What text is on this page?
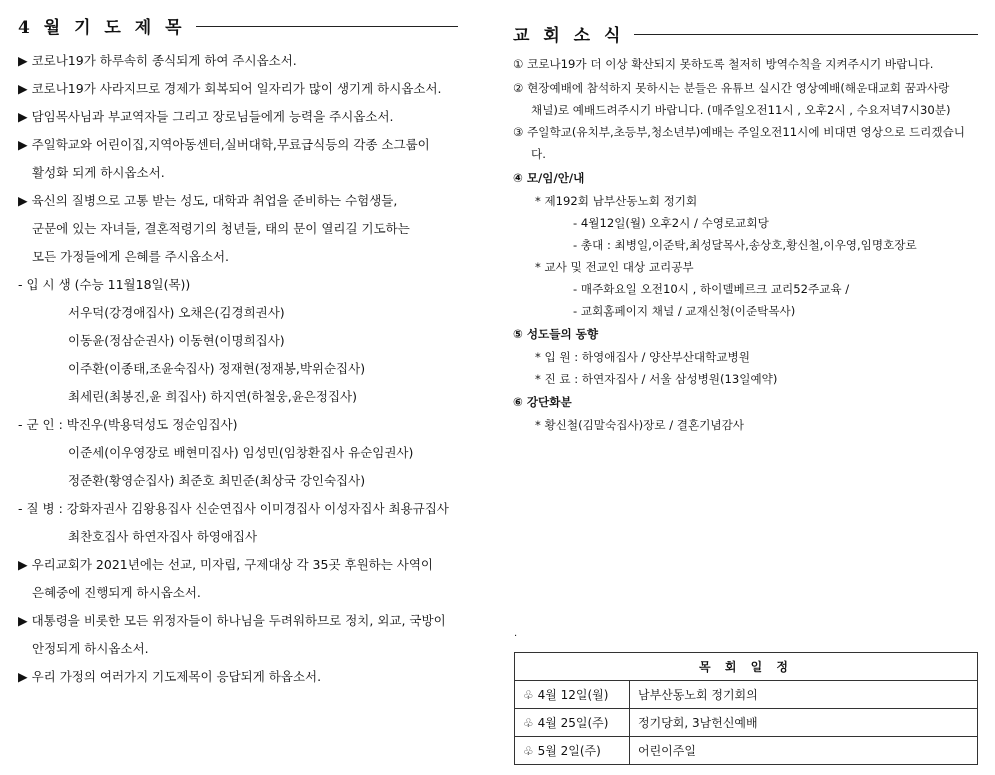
4 월 기 도 제 목
▶ 코로나19가 하루속히 종식되게 하여 주시옵소서.
▶ 코로나19가 사라지므로 경제가 회복되어 일자리가 많이 생기게 하시옵소서.
▶ 담임목사님과 부교역자들 그리고 장로님들에게 능력을 주시옵소서.
▶ 주일학교와 어린이집,지역아동센터,실버대학,무료급식등의 각종 소그룹이
활성화 되게 하시옵소서.
▶ 육신의 질병으로 고통 받는 성도, 대학과 취업을 준비하는 수험생들,
군문에 있는 자녀들, 결혼적령기의 청년들, 태의 문이 열리길 기도하는
모든 가정들에게 은혜를 주시옵소서.
- 입 시 생 (수능 11월18일(목))
서우덕(강경애집사) 오채은(김경희권사)
이동윤(정삼순권사) 이동현(이명희집사)
이주환(이종태,조윤숙집사) 정재현(정재봉,박위순집사)
최세린(최봉진,윤 희집사) 하지연(하철웅,윤은정집사)
- 군 인 : 박진우(박용덕성도 정순임집사)
이준세(이우영장로 배현미집사) 임성민(임창환집사 유순임권사)
정준환(황영순집사) 최준호 최민준(최상국 강인숙집사)
- 질 병 : 강화자권사 김왕용집사 신순연집사 이미경집사 이성자집사 최용규집사
최찬호집사 하연자집사 하영애집사
▶ 우리교회가 2021년에는 선교, 미자립, 구제대상 각 35곳 후원하는 사역이
은혜중에 진행되게 하시옵소서.
▶ 대통령을 비롯한 모든 위정자들이 하나님을 두려워하므로 정치, 외교, 국방이
안정되게 하시옵소서.
▶ 우리 가정의 여러가지 기도제목이 응답되게 하옵소서.
교 회 소 식
① 코로나19가 더 이상 확산되지 못하도록 철저히 방역수칙을 지켜주시기 바랍니다.
② 현장예배에 참석하지 못하시는 분들은 유튜브 실시간 영상예배(해운대교회 꿈과사랑
채널)로 예배드려주시기 바랍니다. (매주일오전11시 , 오후2시 , 수요저녁7시30분)
③ 주일학교(유치부,초등부,청소년부)예배는 주일오전11시에 비대면 영상으로 드리겠습니
다.
④ 모/임/안/내
* 제192회 남부산동노회 정기회
- 4월12일(월) 오후2시 / 수영로교회당
- 총대 : 최병일,이준탁,최성달목사,송상호,황신철,이우영,임명호장로
* 교사 및 전교인 대상 교리공부
- 매주화요일 오전10시 , 하이델베르크 교리52주교육 /
- 교회홈페이지 채널 / 교재신청(이준탁목사)
⑤ 성도들의 동향
* 입 원 : 하영애집사 / 양산부산대학교병원
* 진 료 : 하연자집사 / 서울 삼성병원(13일예약)
⑥ 강단화분
* 황신철(김말숙집사)장로 / 결혼기념감사
.
목 회 일 정	
♧ 4월 12일(월)	남부산동노회 정기회의
♧ 4월 25일(주)	정기당회, 3남헌신예배
♧ 5월 2일(주)	어린이주일
